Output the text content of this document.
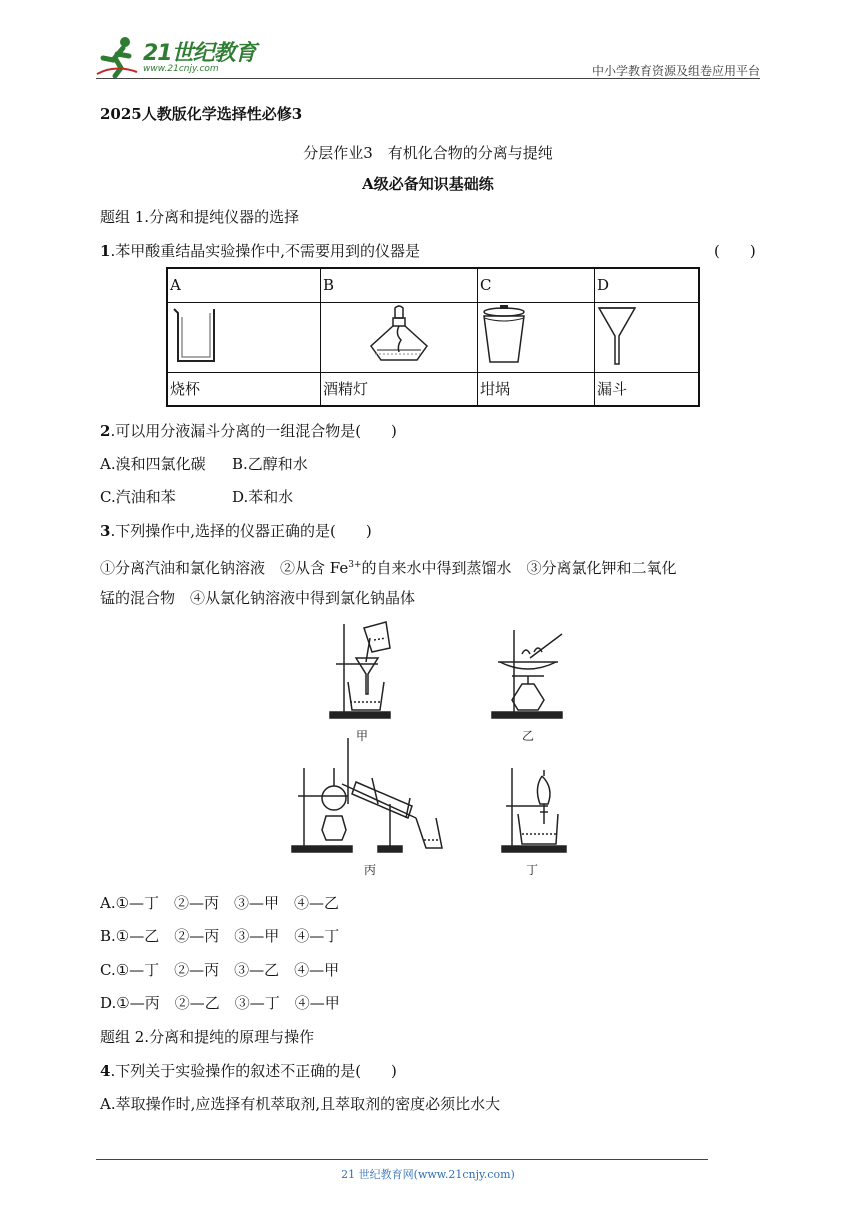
21世纪教育
www.21cnjy.com	中小学教育资源及组卷应用平台
2025人教版化学选择性必修3
分层作业3　有机化合物的分离与提纯
A级必备知识基础练
题组 1.分离和提纯仪器的选择
1.苯甲酸重结晶实验操作中,不需要用到的仪器是	(　　)
A	B	C	D

烧杯	酒精灯	坩埚	漏斗
2.可以用分液漏斗分离的一组混合物是(　　)
A.溴和四氯化碳 B.乙醇和水
C.汽油和苯	D.苯和水
3.下列操作中,选择的仪器正确的是(　　)
①分离汽油和氯化钠溶液　②从含 $Fe^{3+}$的自来水中得到蒸馏水　③分离氯化钾和二氧化
锰的混合物　④从氯化钠溶液中得到氯化钠晶体
甲	乙
丙	丁
A.①—丁　②—丙　③—甲　④—乙
B.①—乙　②—丙　③—甲　④—丁
C.①—丁　②—丙　③—乙　④—甲
D.①—丙　②—乙　③—丁　④—甲
题组 2.分离和提纯的原理与操作
4.下列关于实验操作的叙述不正确的是(　　)
A.萃取操作时,应选择有机萃取剂,且萃取剂的密度必须比水大
21 世纪教育网(www.21cnjy.com)
